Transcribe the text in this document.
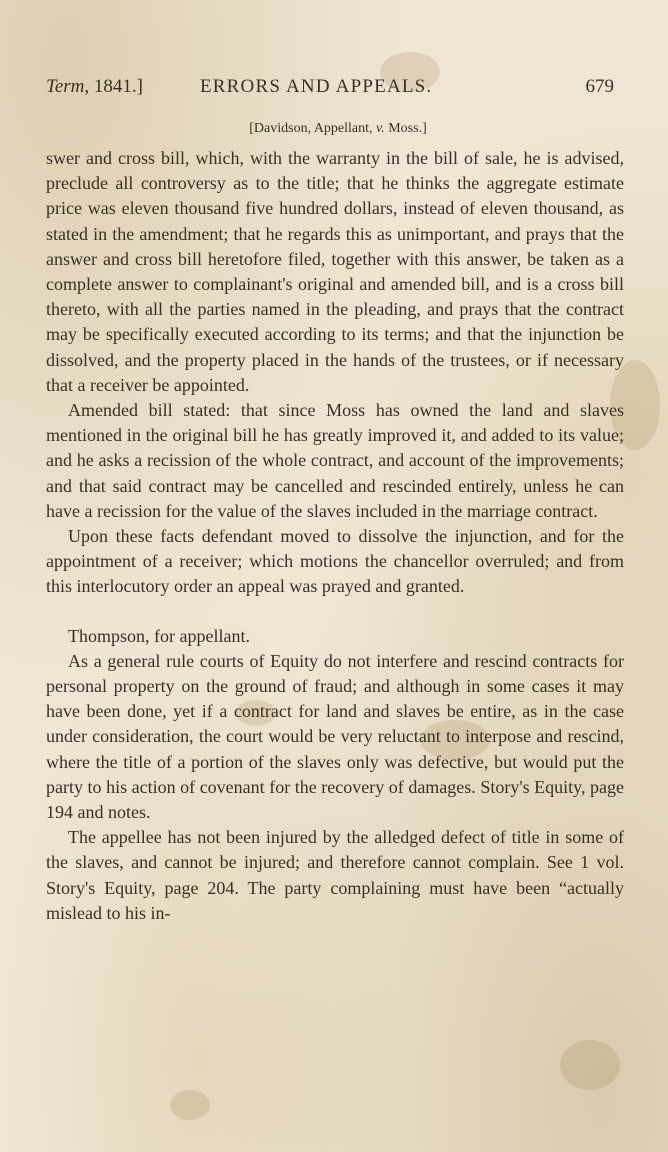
Term, 1841.]	ERRORS AND APPEALS.	679
[Davidson, Appellant, v. Moss.]

swer and cross bill, which, with the warranty in the bill of sale, he is advised, preclude all controversy as to the title; that he thinks the aggregate estimate price was eleven thousand five hundred dollars, instead of eleven thousand, as stated in the amendment; that he regards this as unimportant, and prays that the answer and cross bill heretofore filed, together with this answer, be taken as a complete answer to complainant's original and amended bill, and is a cross bill thereto, with all the parties named in the pleading, and prays that the contract may be specifically executed according to its terms; and that the injunction be dissolved, and the property placed in the hands of the trustees, or if necessary that a receiver be appointed.

Amended bill stated: that since Moss has owned the land and slaves mentioned in the original bill he has greatly improved it, and added to its value; and he asks a recission of the whole contract, and account of the improvements; and that said contract may be cancelled and rescinded entirely, unless he can have a recission for the value of the slaves included in the marriage contract.

Upon these facts defendant moved to dissolve the injunction, and for the appointment of a receiver; which motions the chancellor overruled; and from this interlocutory order an appeal was prayed and granted.

Thompson, for appellant.

As a general rule courts of Equity do not interfere and rescind contracts for personal property on the ground of fraud; and although in some cases it may have been done, yet if a contract for land and slaves be entire, as in the case under consideration, the court would be very reluctant to interpose and rescind, where the title of a portion of the slaves only was defective, but would put the party to his action of covenant for the recovery of damages. Story's Equity, page 194 and notes.

The appellee has not been injured by the alledged defect of title in some of the slaves, and cannot be injured; and therefore cannot complain. See 1 vol. Story's Equity, page 204. The party complaining must have been “actually mislead to his in-
